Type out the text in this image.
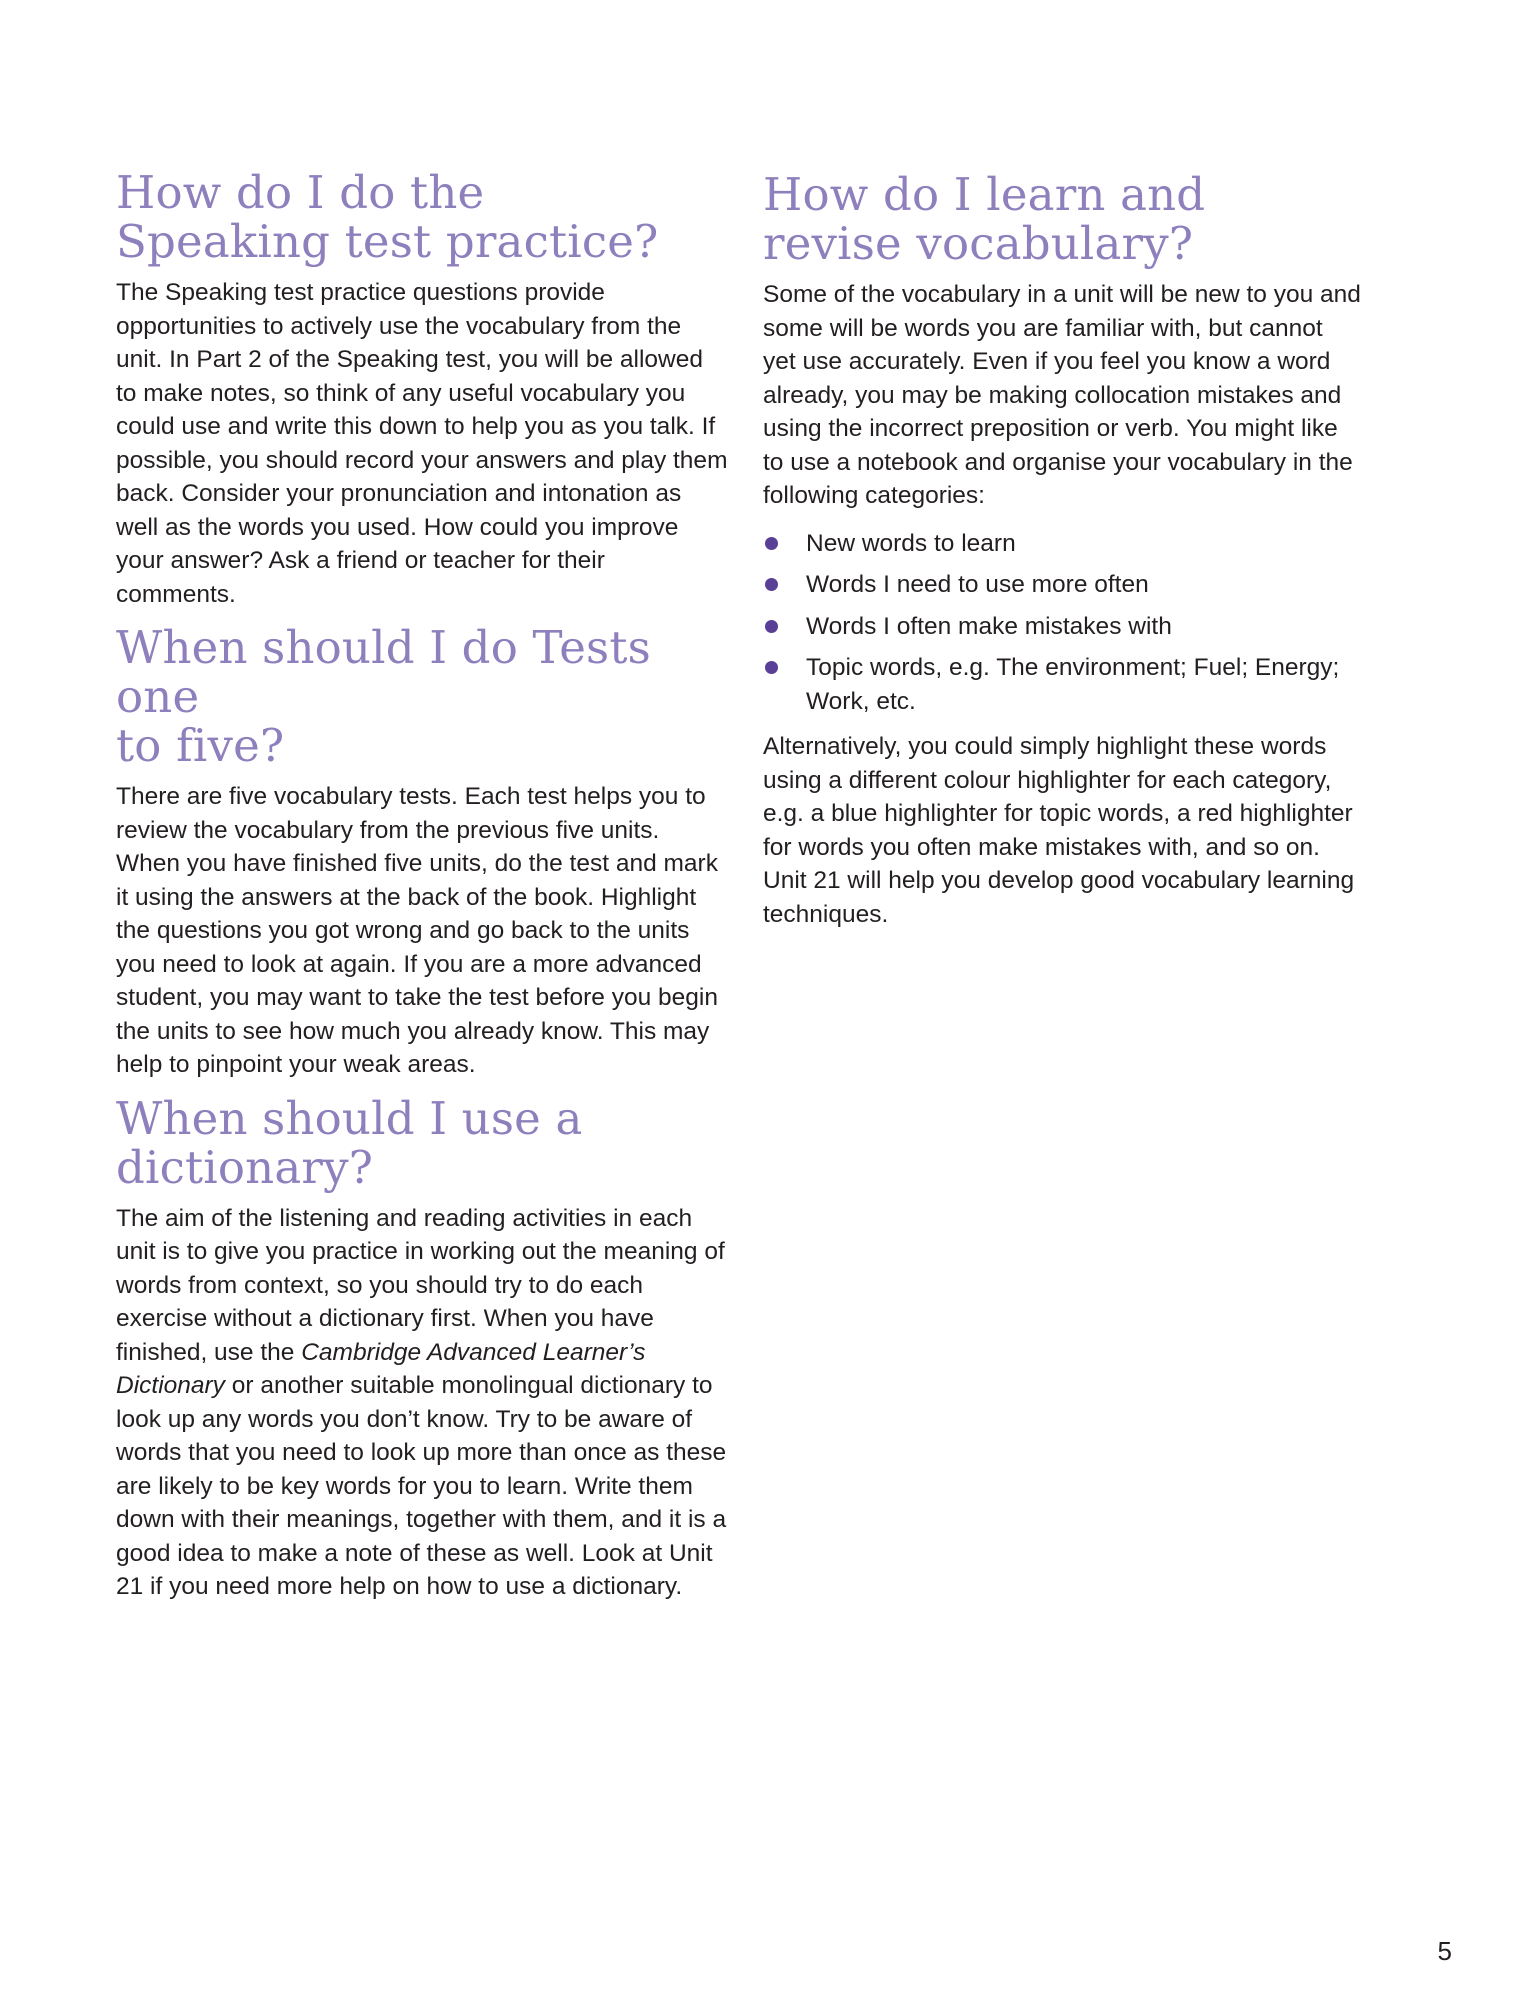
How do I do the
Speaking test practice?

The Speaking test practice questions provide opportunities to actively use the vocabulary from the unit. In Part 2 of the Speaking test, you will be allowed to make notes, so think of any useful vocabulary you could use and write this down to help you as you talk. If possible, you should record your answers and play them back. Consider your pronunciation and intonation as well as the words you used. How could you improve your answer? Ask a friend or teacher for their comments.

When should I do Tests one
to five?

There are five vocabulary tests. Each test helps you to review the vocabulary from the previous five units. When you have finished five units, do the test and mark it using the answers at the back of the book. Highlight the questions you got wrong and go back to the units you need to look at again. If you are a more advanced student, you may want to take the test before you begin the units to see how much you already know. This may help to pinpoint your weak areas.

When should I use a
dictionary?

The aim of the listening and reading activities in each unit is to give you practice in working out the meaning of words from context, so you should try to do each exercise without a dictionary first. When you have finished, use the Cambridge Advanced Learner’s Dictionary or another suitable monolingual dictionary to look up any words you don’t know. Try to be aware of words that you need to look up more than once as these are likely to be key words for you to learn. Write them down with their meanings, together with them, and it is a good idea to make a note of these as well. Look at Unit 21 if you need more help on how to use a dictionary.

How do I learn and
revise vocabulary?

Some of the vocabulary in a unit will be new to you and some will be words you are familiar with, but cannot yet use accurately. Even if you feel you know a word already, you may be making collocation mistakes and using the incorrect preposition or verb. You might like to use a notebook and organise your vocabulary in the following categories:

New words to learn
Words I need to use more often
Words I often make mistakes with
Topic words, e.g. The environment; Fuel; Energy; Work, etc.

Alternatively, you could simply highlight these words using a different colour highlighter for each category, e.g. a blue highlighter for topic words, a red highlighter for words you often make mistakes with, and so on. Unit 21 will help you develop good vocabulary learning techniques.

5
